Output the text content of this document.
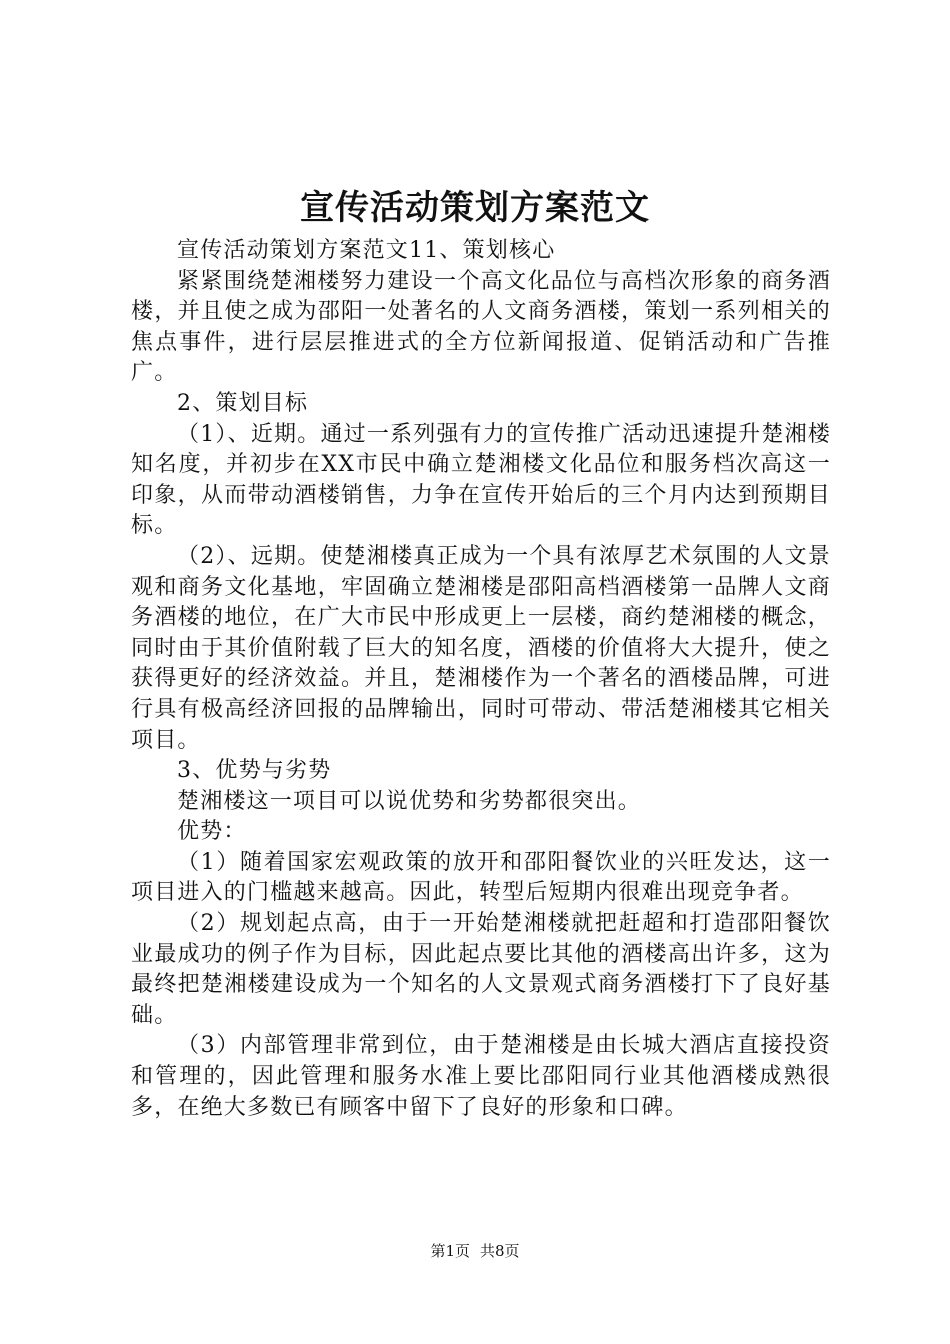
宣传活动策划方案范文

宣传活动策划方案范文11、策划核心

紧紧围绕楚湘楼努力建设一个高文化品位与高档次形象的商务酒楼，并且使之成为邵阳一处著名的人文商务酒楼，策划一系列相关的焦点事件，进行层层推进式的全方位新闻报道、促销活动和广告推广。

2、策划目标

（1）、近期。通过一系列强有力的宣传推广活动迅速提升楚湘楼知名度，并初步在XX市民中确立楚湘楼文化品位和服务档次高这一印象，从而带动酒楼销售，力争在宣传开始后的三个月内达到预期目标。

（2）、远期。使楚湘楼真正成为一个具有浓厚艺术氛围的人文景观和商务文化基地，牢固确立楚湘楼是邵阳高档酒楼第一品牌人文商务酒楼的地位，在广大市民中形成更上一层楼，商约楚湘楼的概念，同时由于其价值附载了巨大的知名度，酒楼的价值将大大提升，使之获得更好的经济效益。并且，楚湘楼作为一个著名的酒楼品牌，可进行具有极高经济回报的品牌输出，同时可带动、带活楚湘楼其它相关项目。

3、优势与劣势

楚湘楼这一项目可以说优势和劣势都很突出。

优势：

（1）随着国家宏观政策的放开和邵阳餐饮业的兴旺发达，这一项目进入的门槛越来越高。因此，转型后短期内很难出现竞争者。

（2）规划起点高，由于一开始楚湘楼就把赶超和打造邵阳餐饮业最成功的例子作为目标，因此起点要比其他的酒楼高出许多，这为最终把楚湘楼建设成为一个知名的人文景观式商务酒楼打下了良好基础。

（3）内部管理非常到位，由于楚湘楼是由长城大酒店直接投资和管理的，因此管理和服务水准上要比邵阳同行业其他酒楼成熟很多，在绝大多数已有顾客中留下了良好的形象和口碑。

第1页 共8页
